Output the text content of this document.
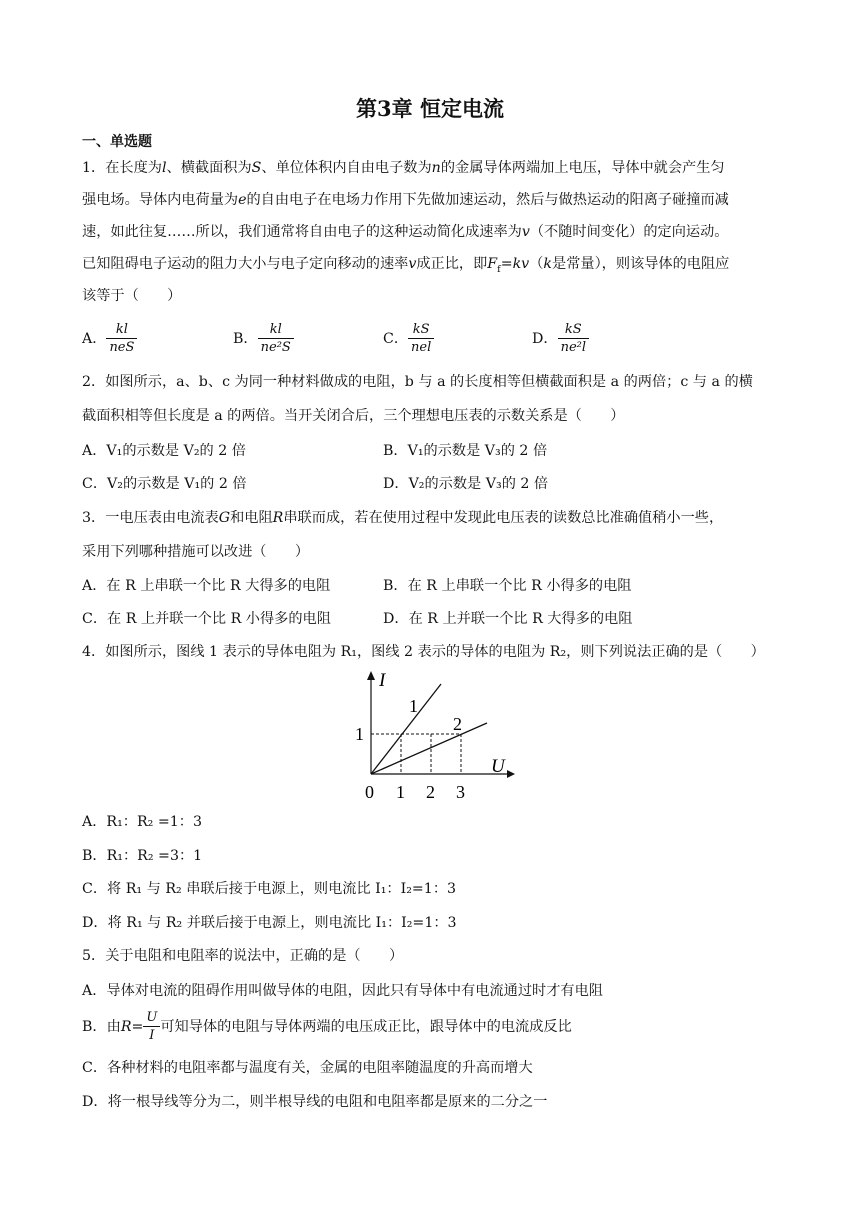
第3章 恒定电流
一、单选题
1．在长度为l、横截面积为S、单位体积内自由电子数为n的金属导体两端加上电压，导体中就会产生匀
强电场。导体内电荷量为e的自由电子在电场力作用下先做加速运动，然后与做热运动的阳离子碰撞而减
速，如此往复……所以，我们通常将自由电子的这种运动简化成速率为v（不随时间变化）的定向运动。
已知阻碍电子运动的阻力大小与电子定向移动的速率v成正比，即$F_f=kv(k$是常量），则该导体的电阻应
该等于（　　）
A． $\frac{kl}{\text{neS}}$	B． $\frac{kl}{\text{ne²S}}$	C． $\frac{kS}{\text{nel}}$	D． $\frac{kS}{\text{ne²l}}$
2．如图所示，a、b、c 为同一种材料做成的电阻，b 与 a 的长度相等但横截面积是 a 的两倍；c 与 a 的横
截面积相等但长度是 a 的两倍。当开关闭合后，三个理想电压表的示数关系是（　　）
A．V₁的示数是 V₂的 2 倍	B．V₁的示数是 V₃的 2 倍
C．V₂的示数是 V₁的 2 倍	D．V₂的示数是 V₃的 2 倍
3．一电压表由电流表G和电阻R串联而成，若在使用过程中发现此电压表的读数总比准确值稍小一些，
采用下列哪种措施可以改进（　　）
A．在 R 上串联一个比 R 大得多的电阻	B．在 R 上串联一个比 R 小得多的电阻
C．在 R 上并联一个比 R 小得多的电阻	D．在 R 上并联一个比 R 大得多的电阻
4．如图所示，图线 1 表示的导体电阻为 R₁，图线 2 表示的导体的电阻为 R₂，则下列说法正确的是（　　）
I
U
1
2
1
0 1 2 3
A．R₁：R₂ =1：3
B．R₁：R₂ =3：1
C．将 R₁ 与 R₂ 串联后接于电源上，则电流比 I₁：I₂=1：3
D．将 R₁ 与 R₂ 并联后接于电源上，则电流比 I₁：I₂=1：3
5．关于电阻和电阻率的说法中，正确的是（　　）
A．导体对电流的阻碍作用叫做导体的电阻，因此只有导体中有电流通过时才有电阻
B．由$R= \frac{U}{I}$ 可知导体的电阻与导体两端的电压成正比，跟导体中的电流成反比
C．各种材料的电阻率都与温度有关，金属的电阻率随温度的升高而增大
D．将一根导线等分为二，则半根导线的电阻和电阻率都是原来的二分之一
